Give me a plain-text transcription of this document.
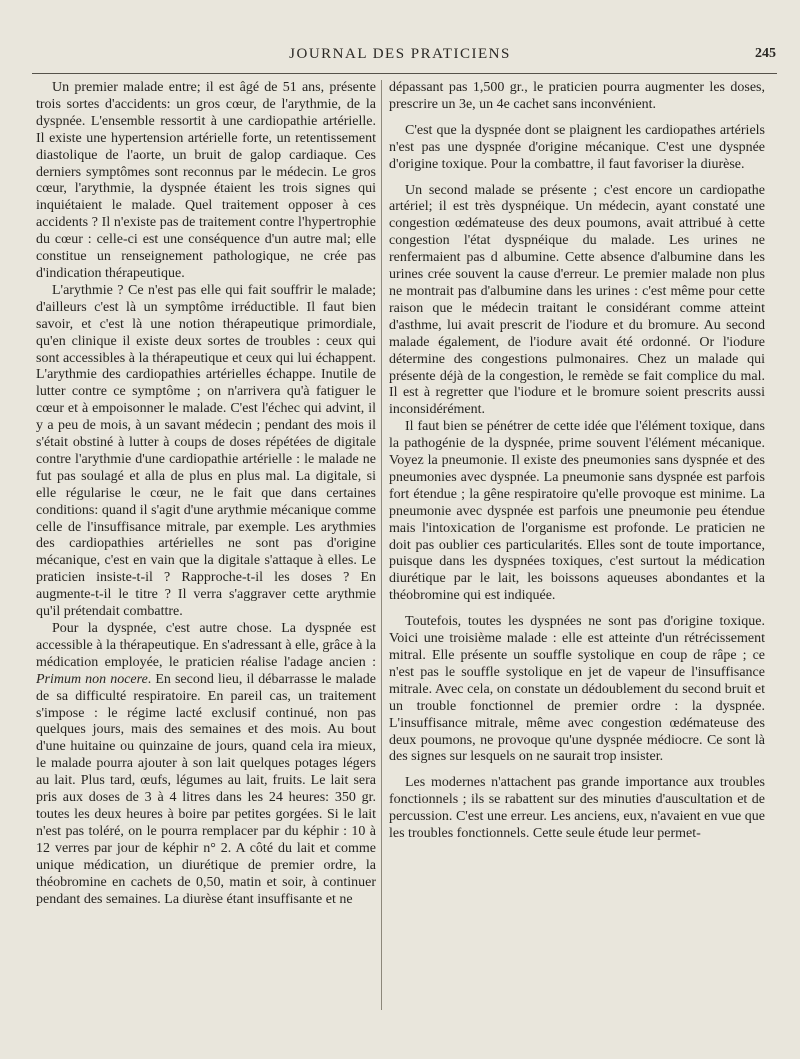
JOURNAL DES PRATICIENS	245

Un premier malade entre; il est âgé de 51 ans, présente trois sortes d'accidents: un gros cœur, de l'arythmie, de la dyspnée. L'ensemble ressortit à une cardiopathie artérielle. Il existe une hypertension artérielle forte, un retentissement diastolique de l'aorte, un bruit de galop cardiaque. Ces derniers symptômes sont reconnus par le médecin. Le gros cœur, l'arythmie, la dyspnée étaient les trois signes qui inquiétaient le malade. Quel traitement opposer à ces accidents ? Il n'existe pas de traitement contre l'hypertrophie du cœur : celle-ci est une conséquence d'un autre mal; elle constitue un renseignement pathologique, ne crée pas d'indication thérapeutique.

L'arythmie ? Ce n'est pas elle qui fait souffrir le malade; d'ailleurs c'est là un symptôme irréductible. Il faut bien savoir, et c'est là une notion thérapeutique primordiale, qu'en clinique il existe deux sortes de troubles : ceux qui sont accessibles à la thérapeutique et ceux qui lui échappent. L'arythmie des cardiopathies artérielles échappe. Inutile de lutter contre ce symptôme ; on n'arrivera qu'à fatiguer le cœur et à empoisonner le malade. C'est l'échec qui advint, il y a peu de mois, à un savant médecin ; pendant des mois il s'était obstiné à lutter à coups de doses répétées de digitale contre l'arythmie d'une cardiopathie artérielle : le malade ne fut pas soulagé et alla de plus en plus mal. La digitale, si elle régularise le cœur, ne le fait que dans certaines conditions: quand il s'agit d'une arythmie mécanique comme celle de l'insuffisance mitrale, par exemple. Les arythmies des cardiopathies artérielles ne sont pas d'origine mécanique, c'est en vain que la digitale s'attaque à elles. Le praticien insiste-t-il ? Rapproche-t-il les doses ? En augmente-t-il le titre ? Il verra s'aggraver cette arythmie qu'il prétendait combattre.

Pour la dyspnée, c'est autre chose. La dyspnée est accessible à la thérapeutique. En s'adressant à elle, grâce à la médication employée, le praticien réalise l'adage ancien : Primum non nocere. En second lieu, il débarrasse le malade de sa difficulté respiratoire. En pareil cas, un traitement s'impose : le régime lacté exclusif continué, non pas quelques jours, mais des semaines et des mois. Au bout d'une huitaine ou quinzaine de jours, quand cela ira mieux, le malade pourra ajouter à son lait quelques potages légers au lait. Plus tard, œufs, légumes au lait, fruits. Le lait sera pris aux doses de 3 à 4 litres dans les 24 heures: 350 gr. toutes les deux heures à boire par petites gorgées. Si le lait n'est pas toléré, on le pourra remplacer par du képhir : 10 à 12 verres par jour de képhir n° 2. A côté du lait et comme unique médication, un diurétique de premier ordre, la théobromine en cachets de 0,50, matin et soir, à continuer pendant des semaines. La diurèse étant insuffisante et ne

dépassant pas 1,500 gr., le praticien pourra augmenter les doses, prescrire un 3e, un 4e cachet sans inconvénient.

C'est que la dyspnée dont se plaignent les cardiopathes artériels n'est pas une dyspnée d'origine mécanique. C'est une dyspnée d'origine toxique. Pour la combattre, il faut favoriser la diurèse.

Un second malade se présente ; c'est encore un cardiopathe artériel; il est très dyspnéique. Un médecin, ayant constaté une congestion œdémateuse des deux poumons, avait attribué à cette congestion l'état dyspnéique du malade. Les urines ne renfermaient pas d albumine. Cette absence d'albumine dans les urines crée souvent la cause d'erreur. Le premier malade non plus ne montrait pas d'albumine dans les urines : c'est même pour cette raison que le médecin traitant le considérant comme atteint d'asthme, lui avait prescrit de l'iodure et du bromure. Au second malade également, de l'iodure avait été ordonné. Or l'iodure détermine des congestions pulmonaires. Chez un malade qui présente déjà de la congestion, le remède se fait complice du mal. Il est à regretter que l'iodure et le bromure soient prescrits aussi inconsidérément.

Il faut bien se pénétrer de cette idée que l'élément toxique, dans la pathogénie de la dyspnée, prime souvent l'élément mécanique. Voyez la pneumonie. Il existe des pneumonies sans dyspnée et des pneumonies avec dyspnée. La pneumonie sans dyspnée est parfois fort étendue ; la gêne respiratoire qu'elle provoque est minime. La pneumonie avec dyspnée est parfois une pneumonie peu étendue mais l'intoxication de l'organisme est profonde. Le praticien ne doit pas oublier ces particularités. Elles sont de toute importance, puisque dans les dyspnées toxiques, c'est surtout la médication diurétique par le lait, les boissons aqueuses abondantes et la théobromine qui est indiquée.

Toutefois, toutes les dyspnées ne sont pas d'origine toxique. Voici une troisième malade : elle est atteinte d'un rétrécissement mitral. Elle présente un souffle systolique en coup de râpe ; ce n'est pas le souffle systolique en jet de vapeur de l'insuffisance mitrale. Avec cela, on constate un dédoublement du second bruit et un trouble fonctionnel de premier ordre : la dyspnée. L'insuffisance mitrale, même avec congestion œdémateuse des deux poumons, ne provoque qu'une dyspnée médiocre. Ce sont là des signes sur lesquels on ne saurait trop insister.

Les modernes n'attachent pas grande importance aux troubles fonctionnels ; ils se rabattent sur des minuties d'auscultation et de percussion. C'est une erreur. Les anciens, eux, n'avaient en vue que les troubles fonctionnels. Cette seule étude leur permet-
